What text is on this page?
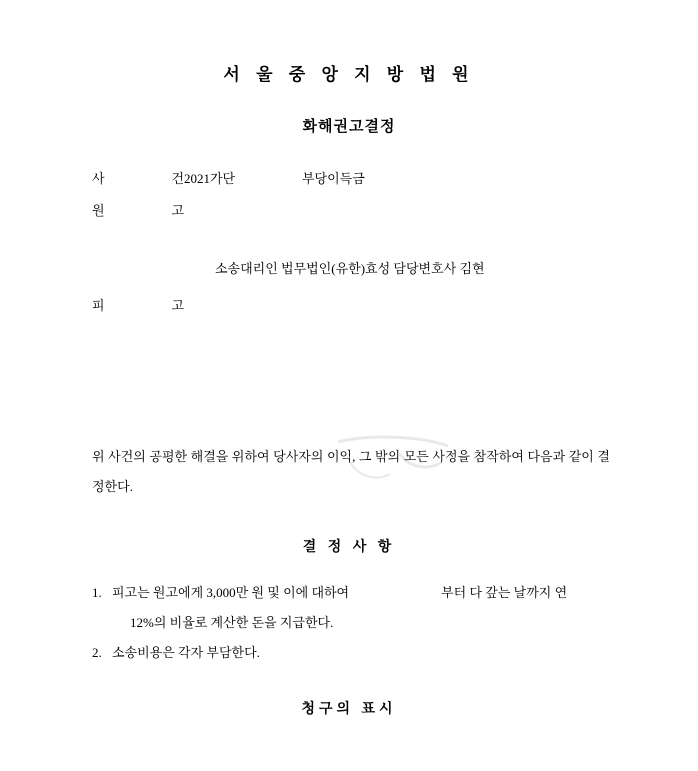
서 울 중 앙 지 방 법 원
화해권고결정
사	건 2021가단	부당이득금
원	고
소송대리인 법무법인(유한)효성 담당변호사 김현
피	고
위 사건의 공평한 해결을 위하여 당사자의 이익, 그 밖의 모든 사정을 참작하여 다음과 같이 결정한다.
결 정 사 항
1. 피고는 원고에게 3,000만 원 및 이에 대하여	부터 다 갚는 날까지 연
12%의 비율로 계산한 돈을 지급한다.
2. 소송비용은 각자 부담한다.
청구의 표시
